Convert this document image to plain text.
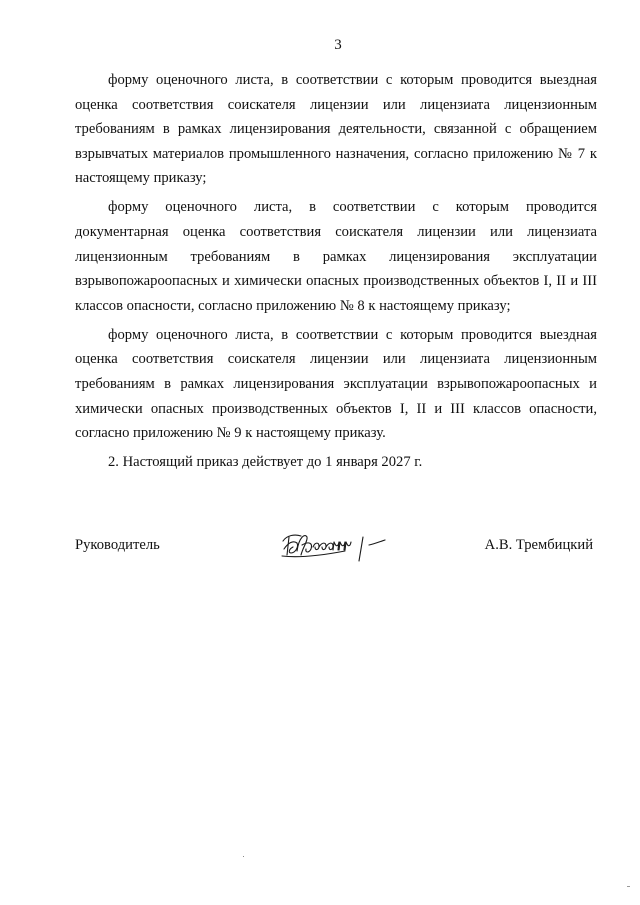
3

форму оценочного листа, в соответствии с которым проводится выездная оценка соответствия соискателя лицензии или лицензиата лицензионным требованиям в рамках лицензирования деятельности, связанной с обращением взрывчатых материалов промышленного назначения, согласно приложению № 7 к настоящему приказу;

форму оценочного листа, в соответствии с которым проводится документарная оценка соответствия соискателя лицензии или лицензиата лицензионным требованиям в рамках лицензирования эксплуатации взрывопожароопасных и химически опасных производственных объектов I, II и III классов опасности, согласно приложению № 8 к настоящему приказу;

форму оценочного листа, в соответствии с которым проводится выездная оценка соответствия соискателя лицензии или лицензиата лицензионным требованиям в рамках лицензирования эксплуатации взрывопожароопасных и химически опасных производственных объектов I, II и III классов опасности, согласно приложению № 9 к настоящему приказу.

2. Настоящий приказ действует до 1 января 2027 г.

Руководитель	А.В. Трембицкий
